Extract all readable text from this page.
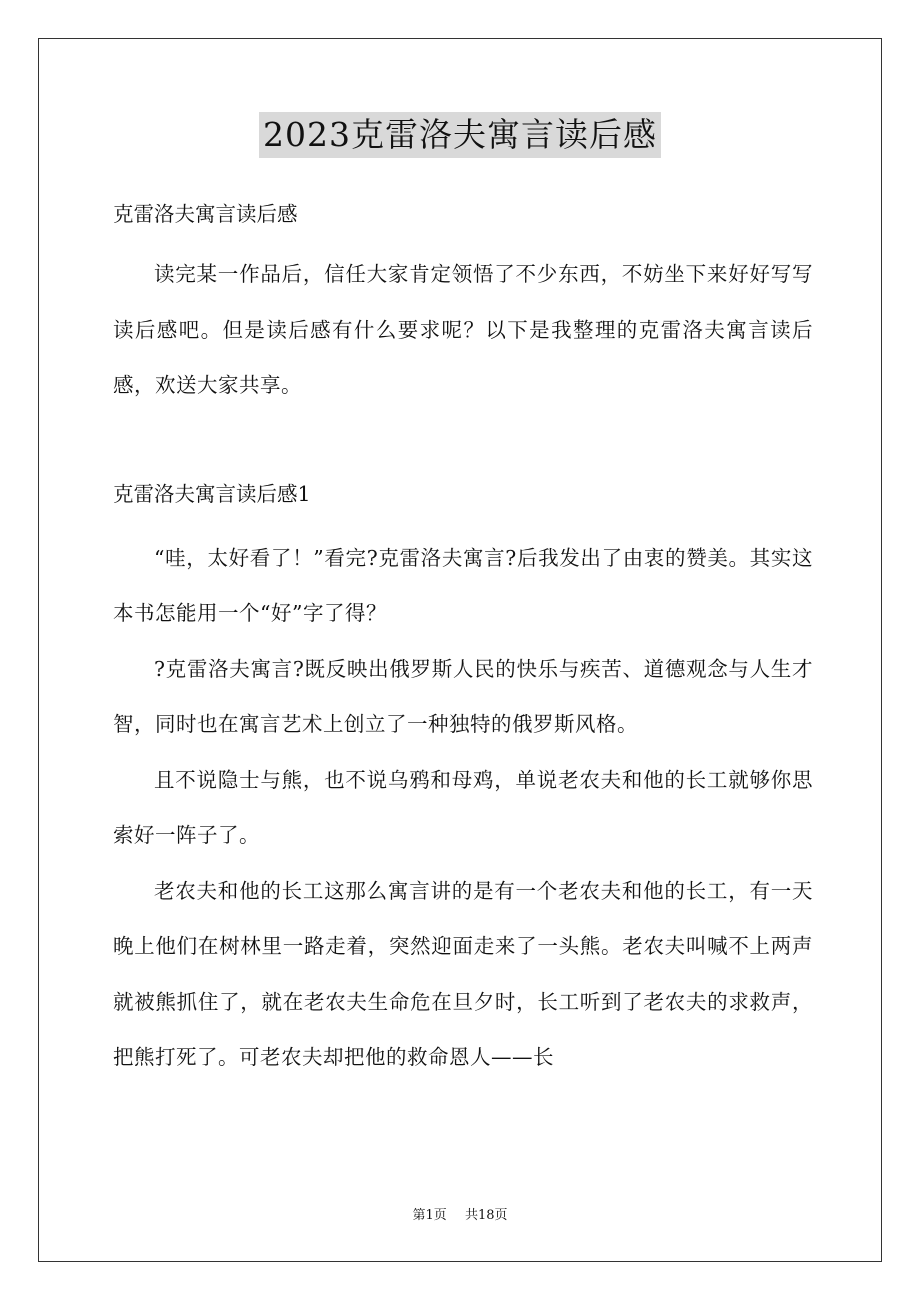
2023克雷洛夫寓言读后感

克雷洛夫寓言读后感

读完某一作品后，信任大家肯定领悟了不少东西，不妨坐下来好好写写读后感吧。但是读后感有什么要求呢？以下是我整理的克雷洛夫寓言读后感，欢送大家共享。

克雷洛夫寓言读后感1

“哇，太好看了！”看完?克雷洛夫寓言?后我发出了由衷的赞美。其实这本书怎能用一个“好”字了得？

?克雷洛夫寓言?既反映出俄罗斯人民的快乐与疾苦、道德观念与人生才智，同时也在寓言艺术上创立了一种独特的俄罗斯风格。

且不说隐士与熊，也不说乌鸦和母鸡，单说老农夫和他的长工就够你思索好一阵子了。

老农夫和他的长工这那么寓言讲的是有一个老农夫和他的长工，有一天晚上他们在树林里一路走着，突然迎面走来了一头熊。老农夫叫喊不上两声就被熊抓住了，就在老农夫生命危在旦夕时，长工听到了老农夫的求救声，把熊打死了。可老农夫却把他的救命恩人——长

第1页 共18页
